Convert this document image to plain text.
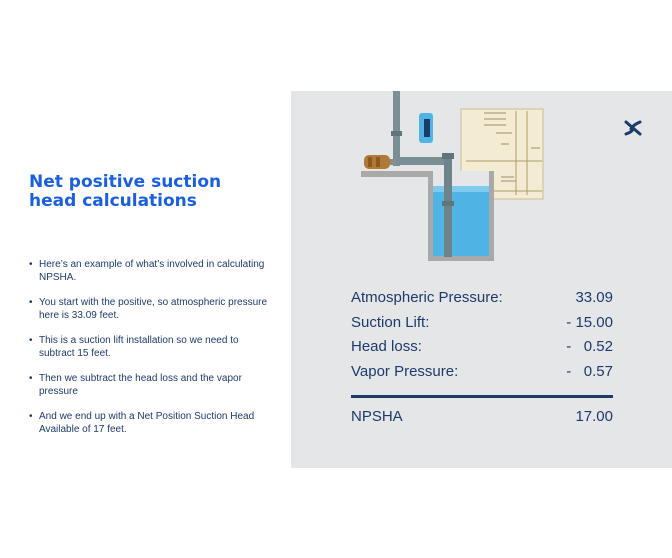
Net positive suction head calculations
• Here’s an example of what’s involved in calculating NPSHA.
• You start with the positive, so atmospheric pressure here is 33.09 feet.
• This is a suction lift installation so we need to subtract 15 feet.
• Then we subtract the head loss and the vapor pressure
• And we end up with a Net Position Suction Head Available of 17 feet.
Atmospheric Pressure:	33.09
Suction Lift:	- 15.00
Head loss:	-   0.52
Vapor Pressure:	-   0.57
NPSHA	17.00
